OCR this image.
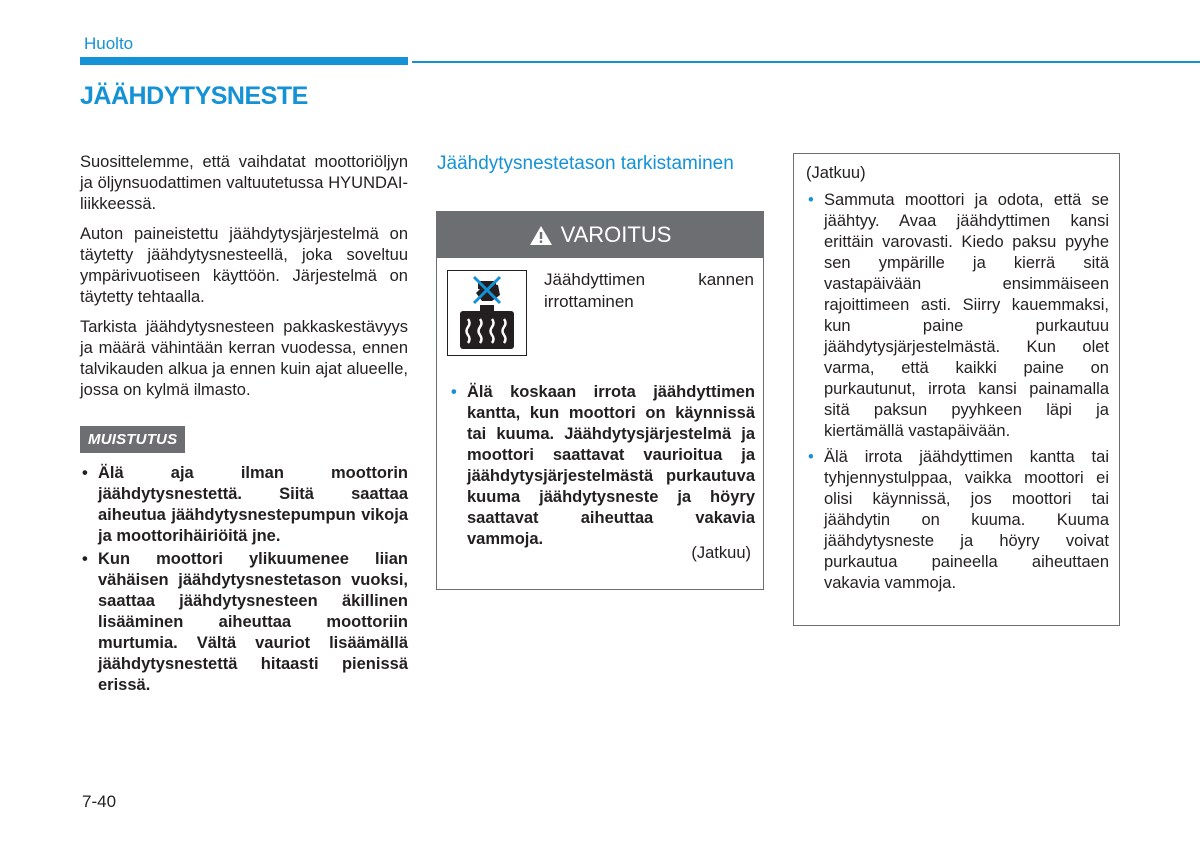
Huolto
JÄÄHDYTYSNESTE

Suosittelemme, että vaihdatat moottoriöljyn ja öljynsuodattimen valtuutetussa HYUNDAI-liikkeessä.

Auton paineistettu jäähdytysjärjestelmä on täytetty jäähdytysnesteellä, joka soveltuu ympärivuotiseen käyttöön. Järjestelmä on täytetty tehtaalla.

Tarkista jäähdytysnesteen pakkaskestävyys ja määrä vähintään kerran vuodessa, ennen talvikauden alkua ja ennen kuin ajat alueelle, jossa on kylmä ilmasto.

MUISTUTUS
• Älä aja ilman moottorin jäähdytysnestettä. Siitä saattaa aiheutua jäähdytysnestepumpun vikoja ja moottorihäiriöitä jne.
• Kun moottori ylikuumenee liian vähäisen jäähdytysnestetason vuoksi, saattaa jäähdytysnesteen äkillinen lisääminen aiheuttaa moottoriin murtumia. Vältä vauriot lisäämällä jäähdytysnestettä hitaasti pienissä erissä.
Jäähdytysnestetason tarkistaminen
VAROITUS
Jäähdyttimen kannen irrottaminen
• Älä koskaan irrota jäähdyttimen kantta, kun moottori on käynnissä tai kuuma. Jäähdytysjärjestelmä ja moottori saattavat vaurioitua ja jäähdytysjärjestelmästä purkautuva kuuma jäähdytysneste ja höyry saattavat aiheuttaa vakavia vammoja.
(Jatkuu)

(Jatkuu)

• Sammuta moottori ja odota, että se jäähtyy. Avaa jäähdyttimen kansi erittäin varovasti. Kiedo paksu pyyhe sen ympärille ja kierrä sitä vastapäivään ensimmäiseen rajoittimeen asti. Siirry kauemmaksi, kun paine purkautuu jäähdytysjärjestelmästä. Kun olet varma, että kaikki paine on purkautunut, irrota kansi painamalla sitä paksun pyyhkeen läpi ja kiertämällä vastapäivään.
• Älä irrota jäähdyttimen kantta tai tyhjennystulppaa, vaikka moottori ei olisi käynnissä, jos moottori tai jäähdytin on kuuma. Kuuma jäähdytysneste ja höyry voivat purkautua paineella aiheuttaen vakavia vammoja.
7-40
